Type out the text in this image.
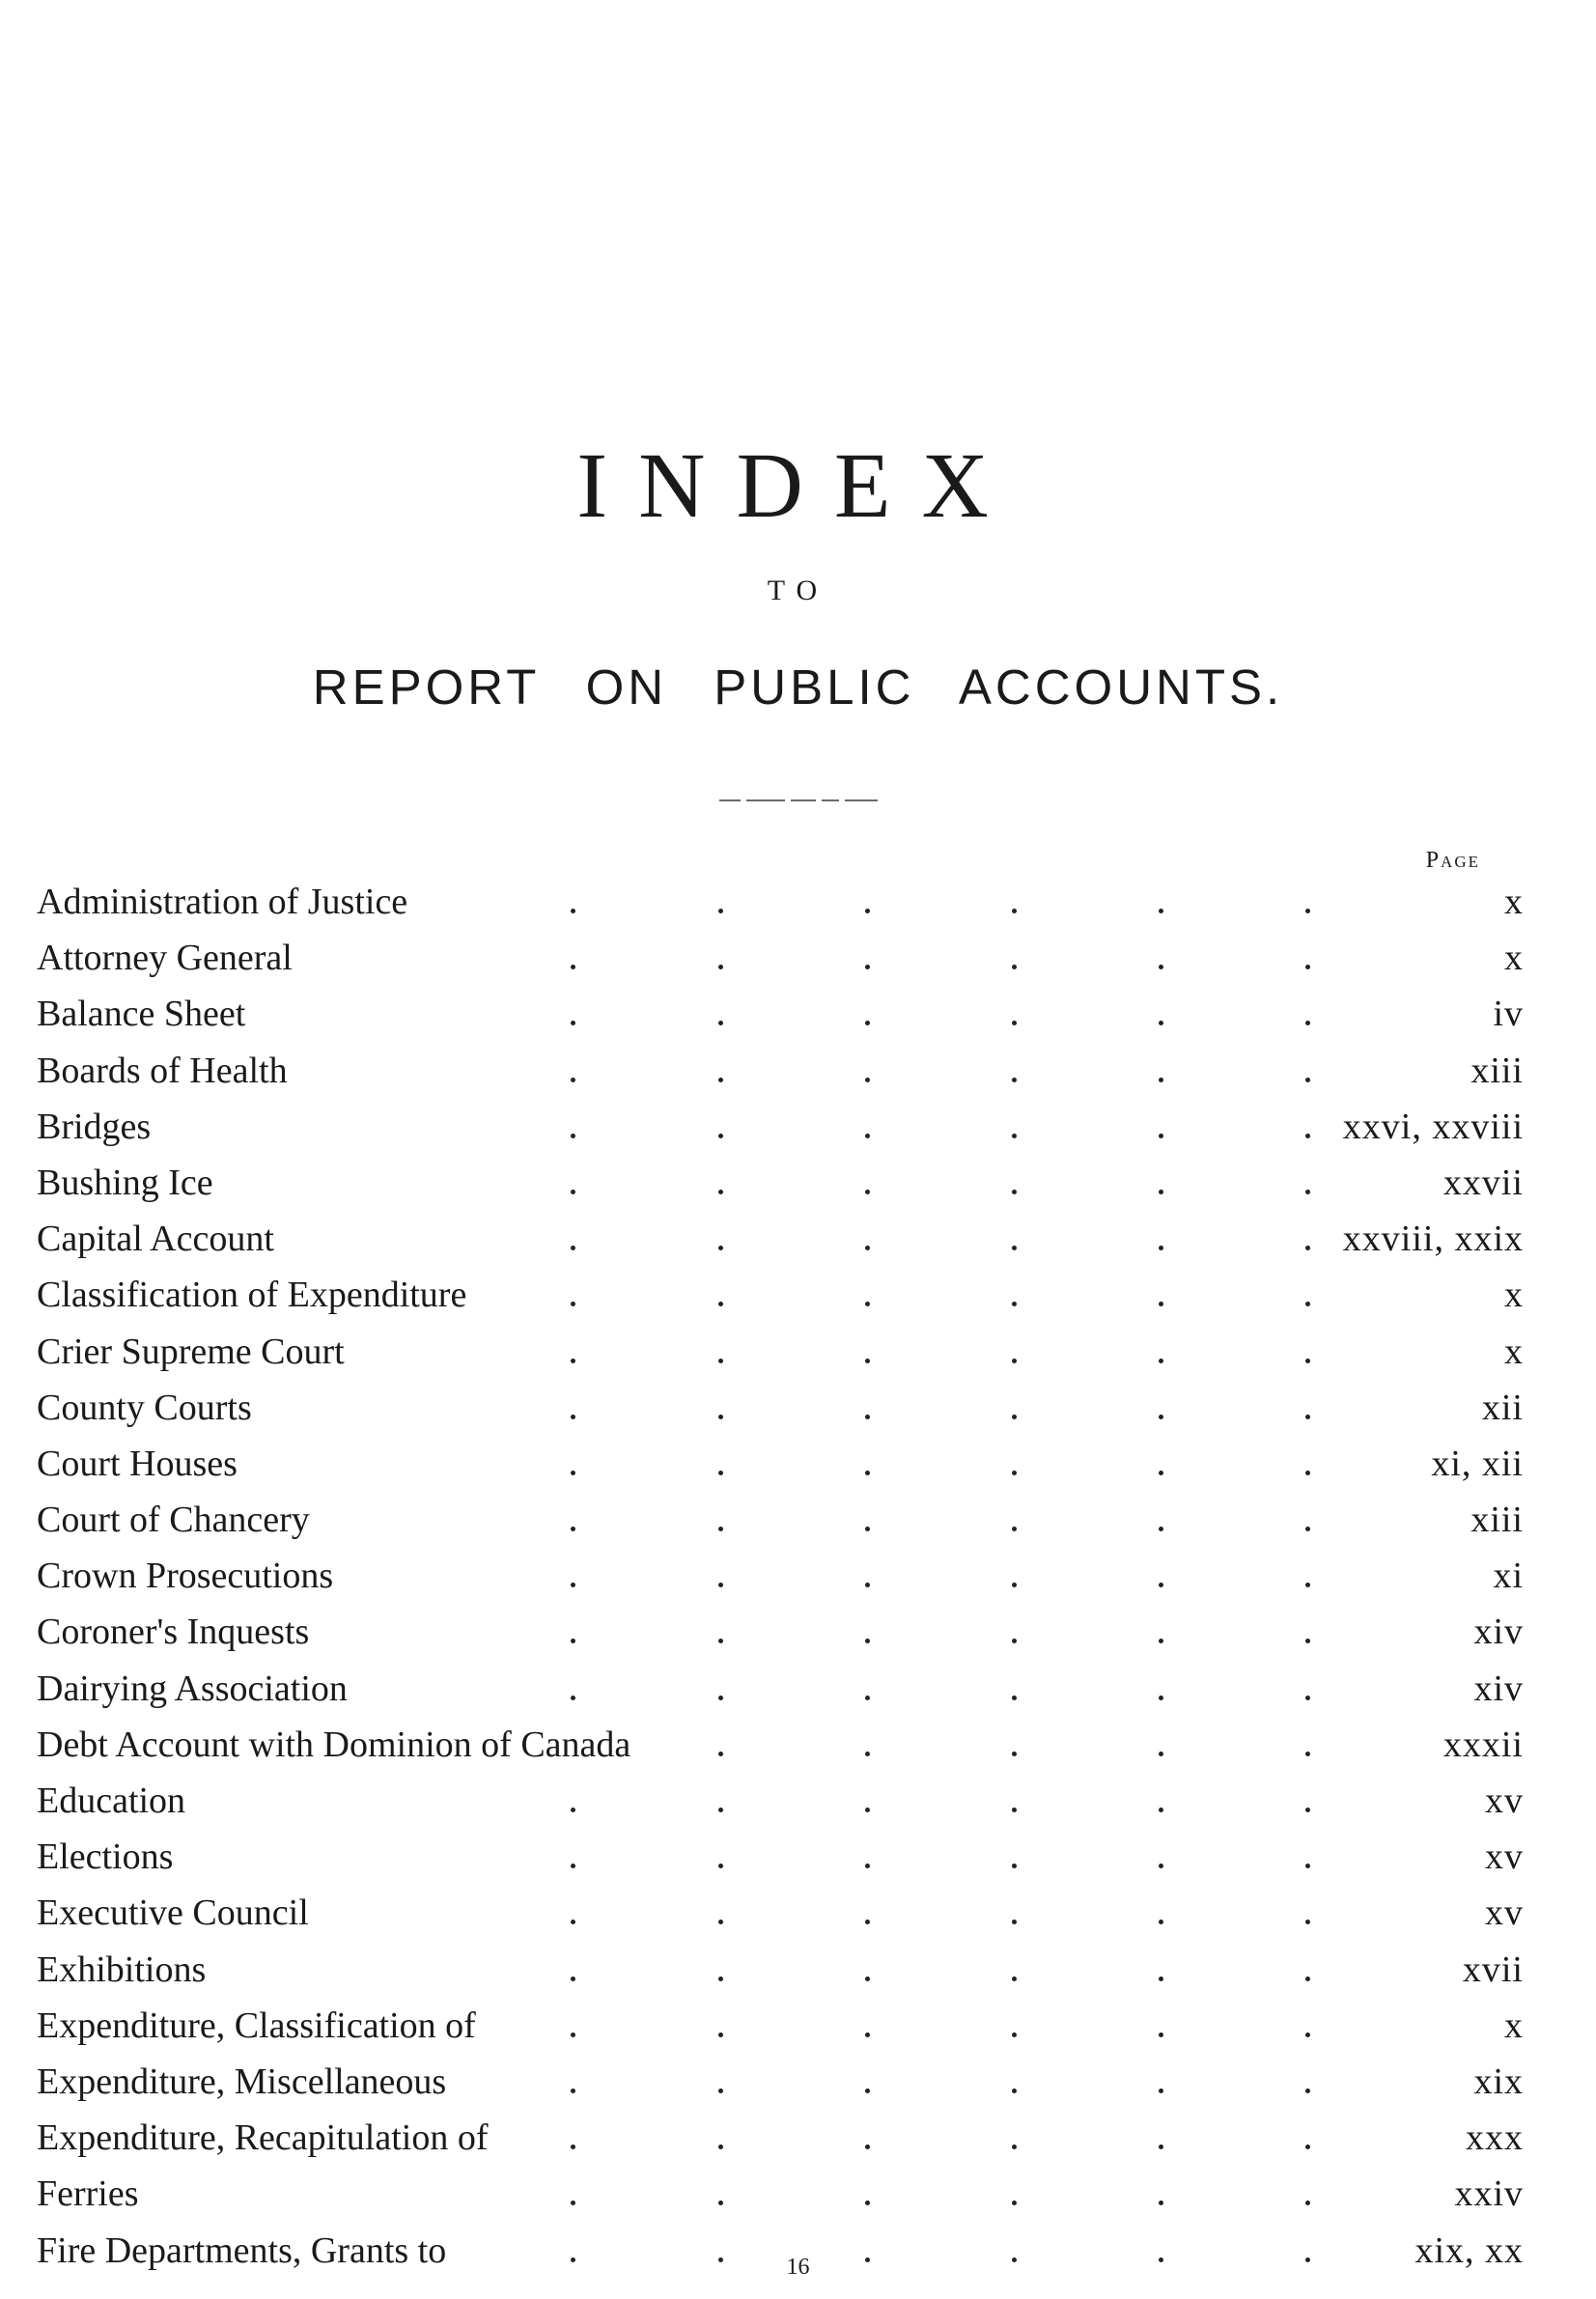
INDEX
TO
REPORT ON PUBLIC ACCOUNTS.
Page
Administration of Justice	x
Attorney General	x
Balance Sheet	iv
Boards of Health	xiii
Bridges	xxvi, xxviii
Bushing Ice	xxvii
Capital Account	xxviii, xxix
Classification of Expenditure	x
Crier Supreme Court	x
County Courts	xii
Court Houses	xi, xii
Court of Chancery	xiii
Crown Prosecutions	xi
Coroner's Inquests	xiv
Dairying Association	xiv
Debt Account with Dominion of Canada	xxxii
Education	xv
Elections	xv
Executive Council	xv
Exhibitions	xvii
Expenditure, Classification of	x
Expenditure, Miscellaneous	xix
Expenditure, Recapitulation of	xxx
Ferries	xxiv
Fire Departments, Grants to	xix, xx
16
